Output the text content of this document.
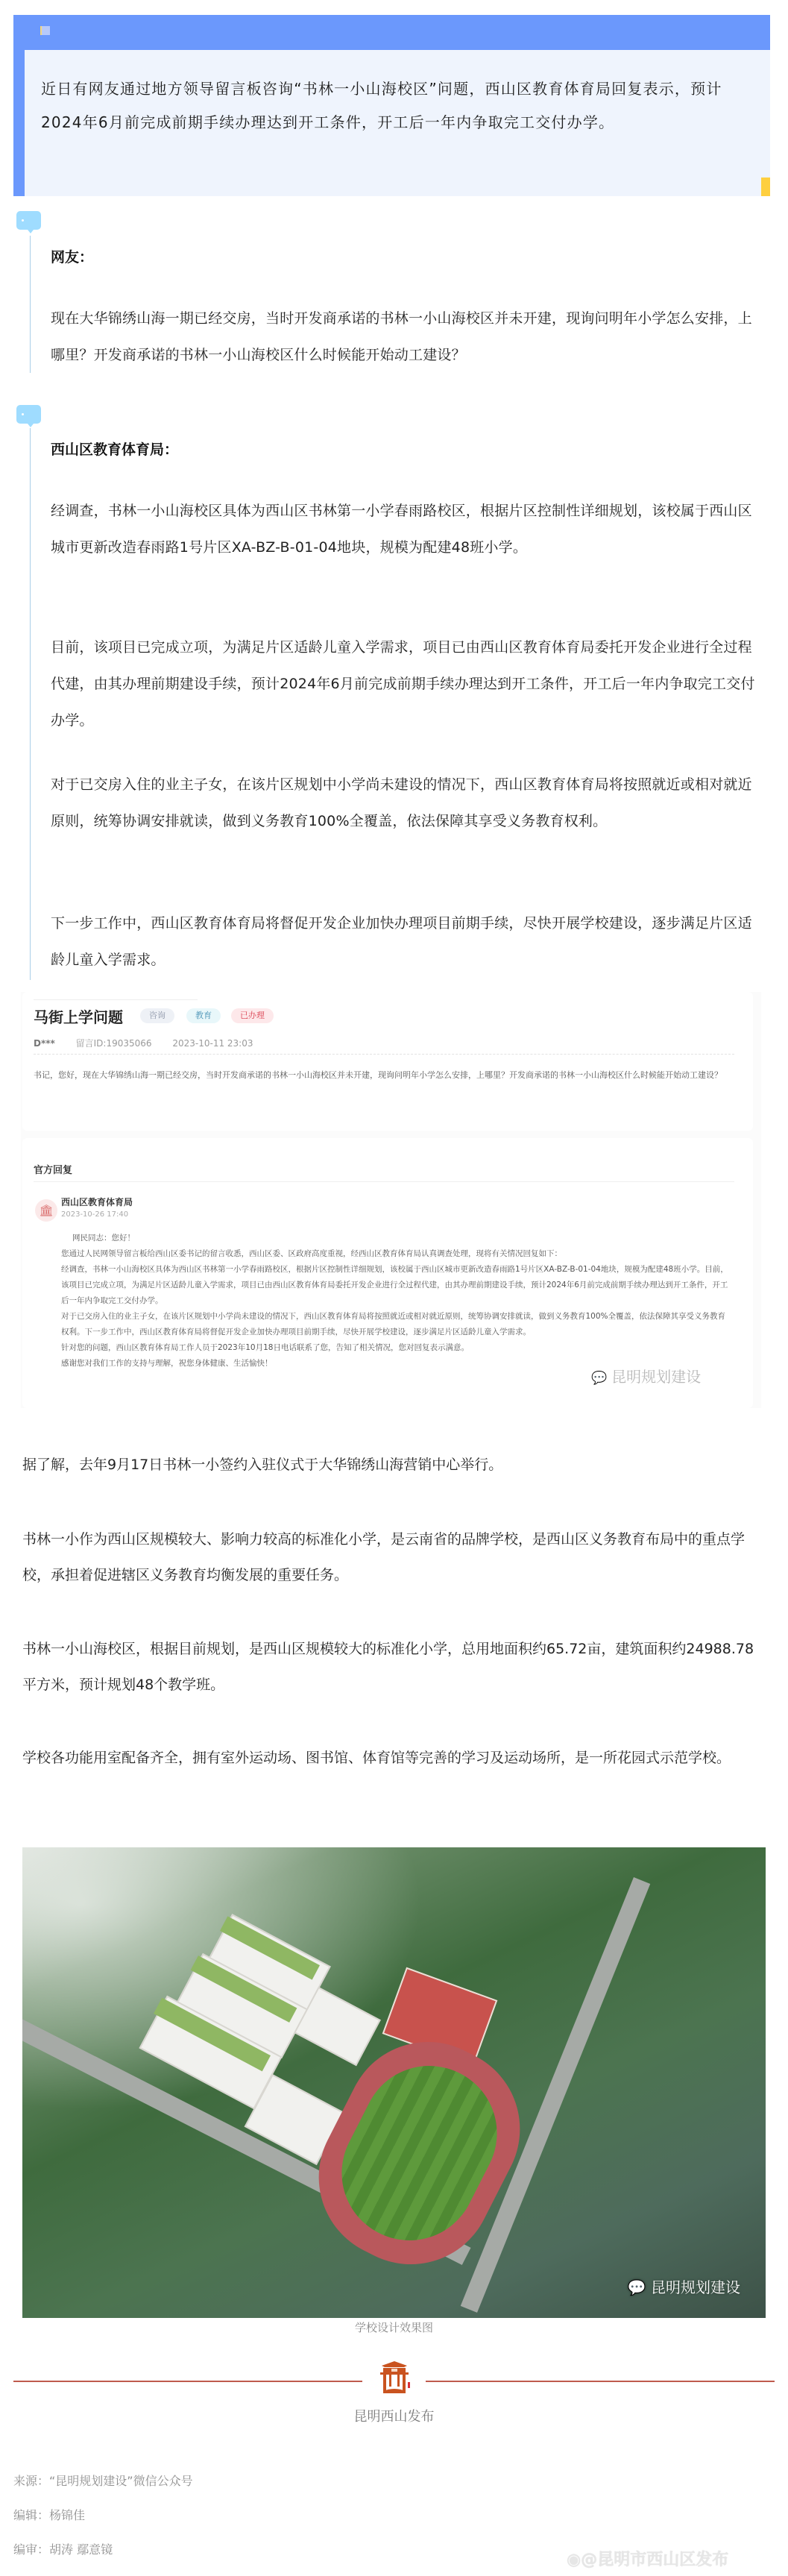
近日有网友通过地方领导留言板咨询“书林一小山海校区”问题，西山区教育体育局回复表示，预计2024年6月前完成前期手续办理达到开工条件，开工后一年内争取完工交付办学。

网友：
现在大华锦绣山海一期已经交房，当时开发商承诺的书林一小山海校区并未开建，现询问明年小学怎么安排，上哪里？开发商承诺的书林一小山海校区什么时候能开始动工建设？
西山区教育体育局：
经调查，书林一小山海校区具体为西山区书林第一小学春雨路校区，根据片区控制性详细规划，该校属于西山区城市更新改造春雨路1号片区XA-BZ-B-01-04地块，规模为配建48班小学。
目前，该项目已完成立项，为满足片区适龄儿童入学需求，项目已由西山区教育体育局委托开发企业进行全过程代建，由其办理前期建设手续，预计2024年6月前完成前期手续办理达到开工条件，开工后一年内争取完工交付办学。
对于已交房入住的业主子女，在该片区规划中小学尚未建设的情况下，西山区教育体育局将按照就近或相对就近原则，统筹协调安排就读，做到义务教育100%全覆盖，依法保障其享受义务教育权利。
下一步工作中，西山区教育体育局将督促开发企业加快办理项目前期手续，尽快开展学校建设，逐步满足片区适龄儿童入学需求。
马街上学问题	咨询	教育	已办理
D*** 留言ID:19035066 2023-10-11 23:03
书记，您好，现在大华锦绣山海一期已经交房，当时开发商承诺的书林一小山海校区并未开建，现询问明年小学怎么安排，上哪里？开发商承诺的书林一小山海校区什么时候能开始动工建设？
官方回复
🏛
西山区教育体育局
2023-10-26 17:40
网民同志：您好！
您通过人民网领导留言板给西山区委书记的留言收悉，西山区委、区政府高度重视，经西山区教育体育局认真调查处理，现将有关情况回复如下：
经调查，书林一小山海校区具体为西山区书林第一小学春雨路校区，根据片区控制性详细规划，该校属于西山区城市更新改造春雨路1号片区XA-BZ-B-01-04地块，规模为配建48班小学。目前，该项目已完成立项，为满足片区适龄儿童入学需求，项目已由西山区教育体育局委托开发企业进行全过程代建，由其办理前期建设手续，预计2024年6月前完成前期手续办理达到开工条件，开工后一年内争取完工交付办学。
对于已交房入住的业主子女，在该片区规划中小学尚未建设的情况下，西山区教育体育局将按照就近或相对就近原则，统筹协调安排就读，做到义务教育100%全覆盖，依法保障其享受义务教育权利。下一步工作中，西山区教育体育局将督促开发企业加快办理项目前期手续，尽快开展学校建设，逐步满足片区适龄儿童入学需求。
针对您的问题，西山区教育体育局工作人员于2023年10月18日电话联系了您，告知了相关情况，您对回复表示满意。
感谢您对我们工作的支持与理解，祝您身体健康、生活愉快！
💬 昆明规划建设
据了解，去年9月17日书林一小签约入驻仪式于大华锦绣山海营销中心举行。
书林一小作为西山区规模较大、影响力较高的标准化小学，是云南省的品牌学校，是西山区义务教育布局中的重点学校，承担着促进辖区义务教育均衡发展的重要任务。
书林一小山海校区，根据目前规划，是西山区规模较大的标准化小学，总用地面积约65.72亩，建筑面积约24988.78平方米，预计规划48个教学班。
学校各功能用室配备齐全，拥有室外运动场、图书馆、体育馆等完善的学习及运动场所，是一所花园式示范学校。
💬 昆明规划建设
学校设计效果图
昆明西山发布
来源：“昆明规划建设”微信公众号
编辑：杨锦佳
编审：胡涛 鄢意镜
◉@昆明市西山区发布
